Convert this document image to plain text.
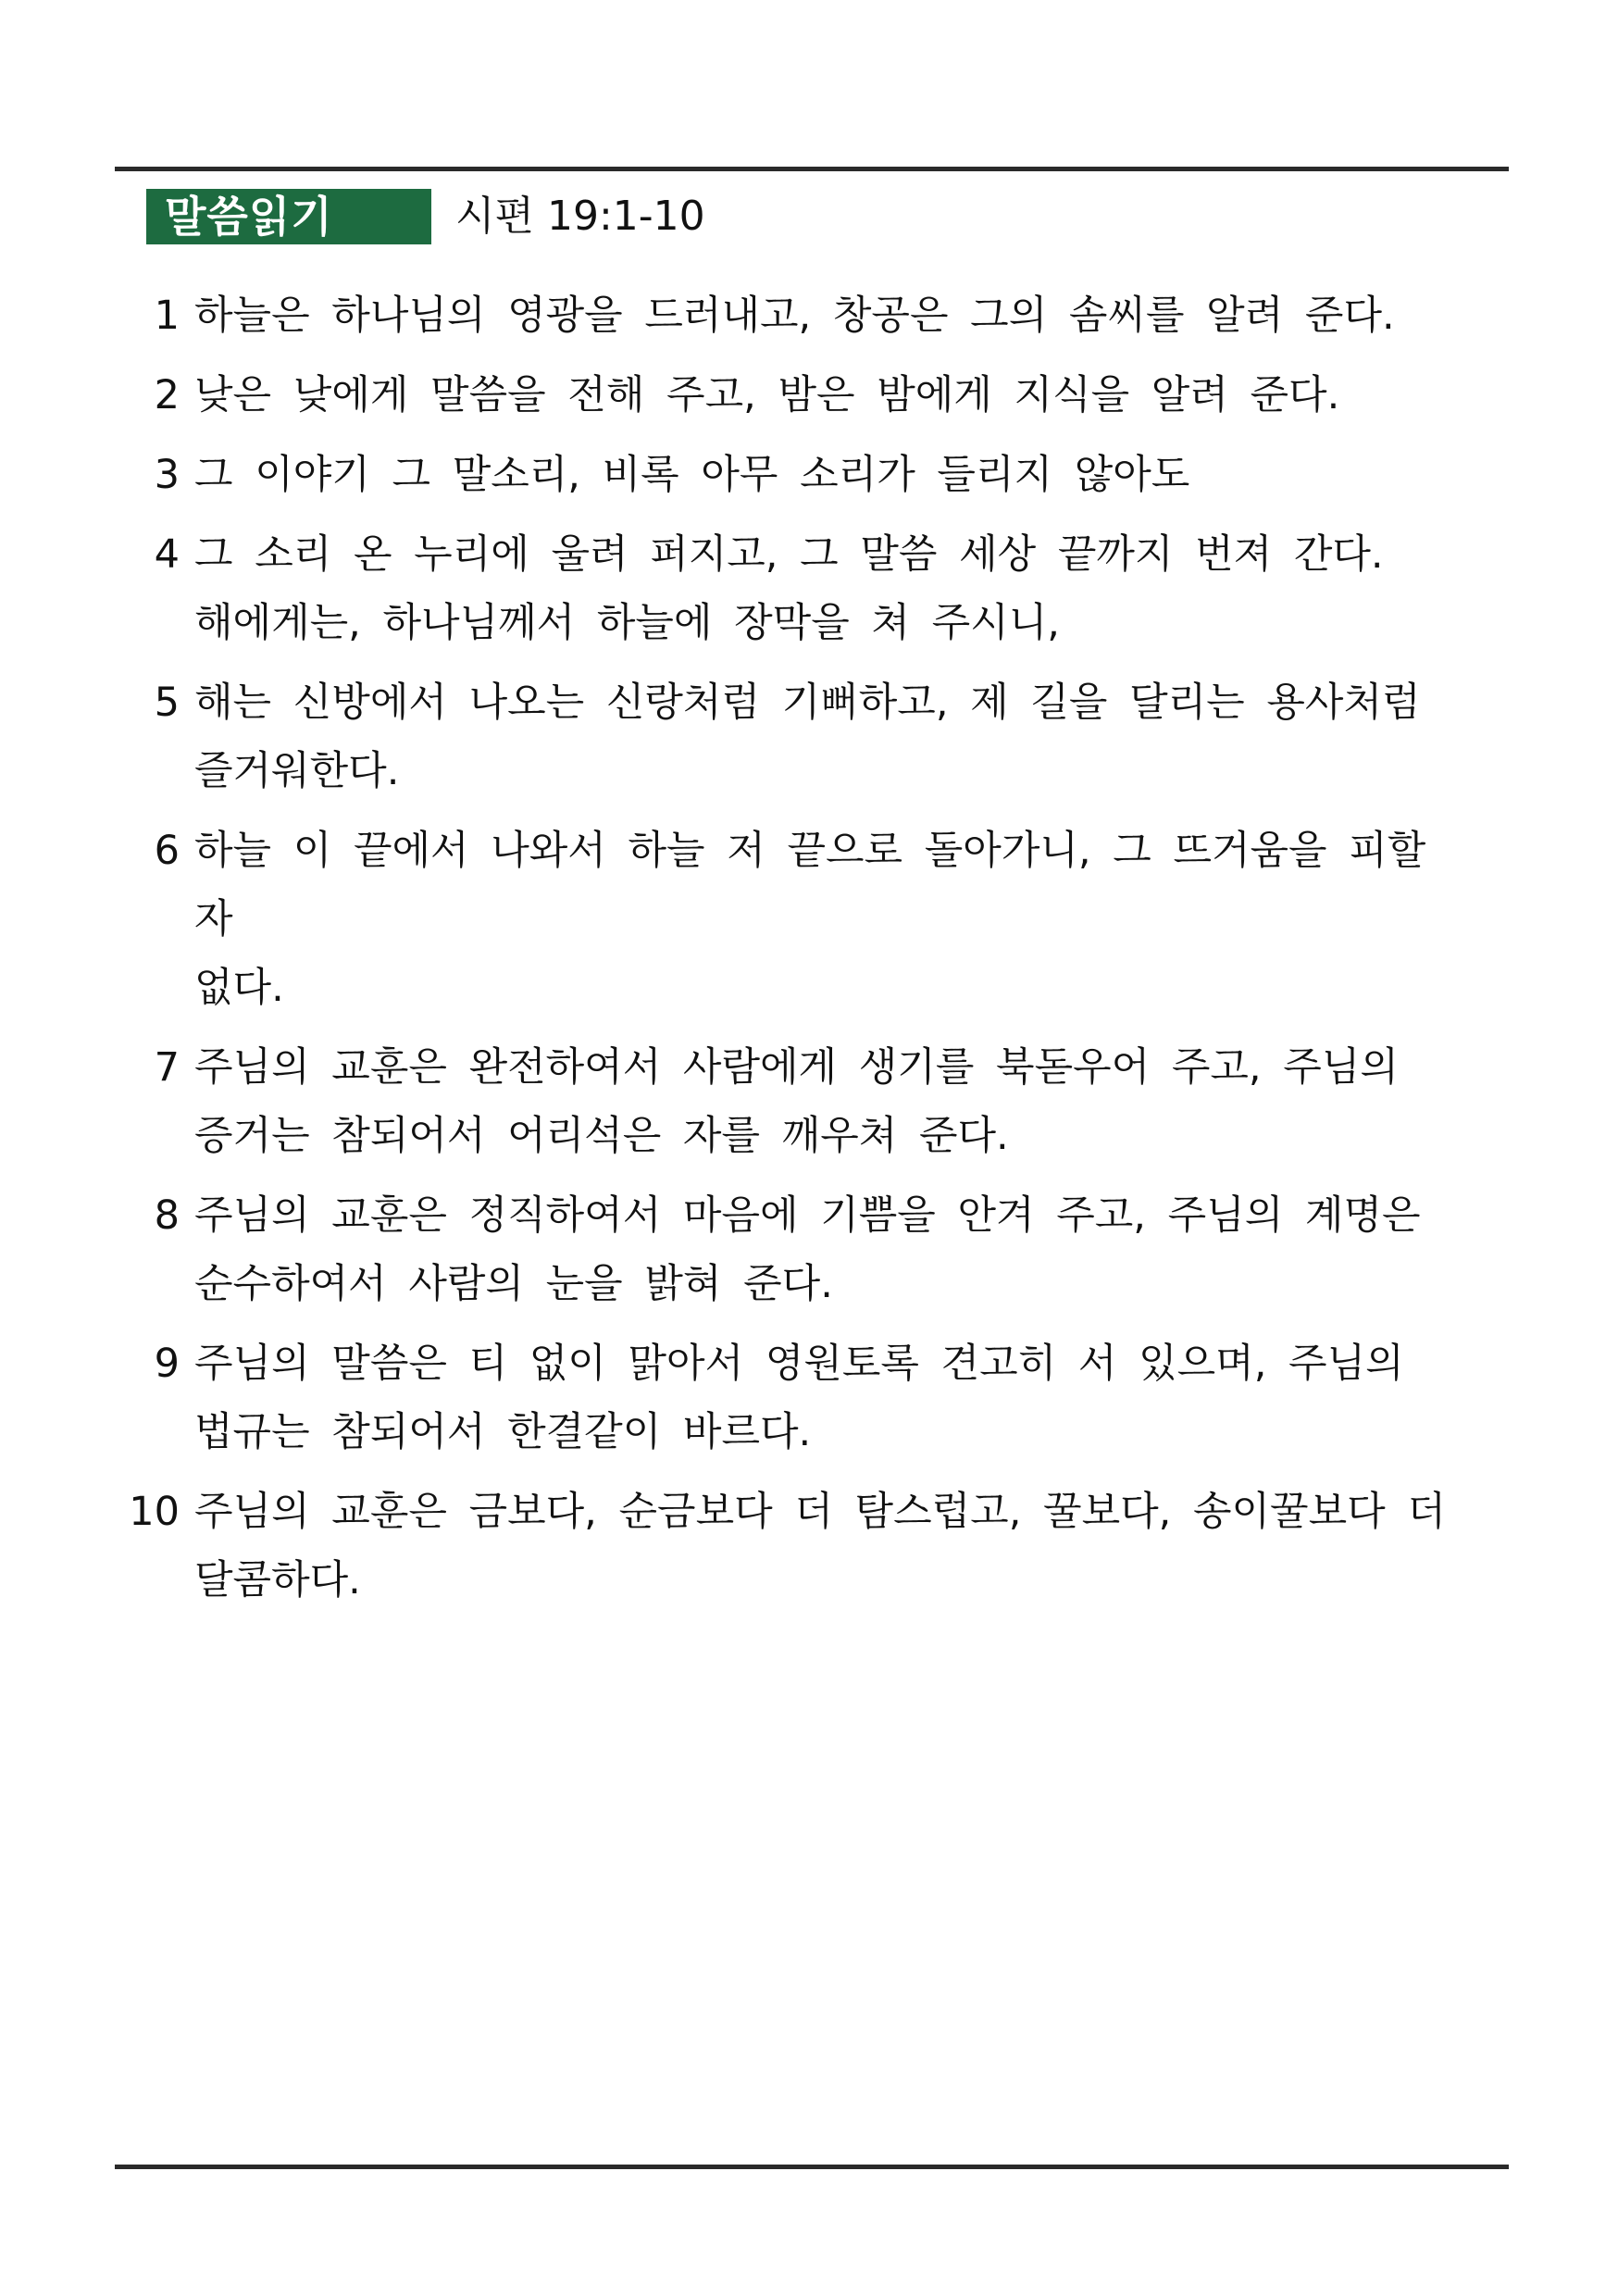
말씀읽기	시편 19:1-10
1 하늘은 하나님의 영광을 드러내고, 창공은 그의 솜씨를 알려 준다.
2 낮은 낮에게 말씀을 전해 주고, 밤은 밤에게 지식을 알려 준다.
3 그 이야기 그 말소리, 비록 아무 소리가 들리지 않아도
4 그 소리 온 누리에 울려 퍼지고, 그 말씀 세상 끝까지 번져 간다.
해에게는, 하나님께서 하늘에 장막을 쳐 주시니,
5 해는 신방에서 나오는 신랑처럼 기뻐하고, 제 길을 달리는 용사처럼
즐거워한다.
6 하늘 이 끝에서 나와서 하늘 저 끝으로 돌아가니, 그 뜨거움을 피할 자
없다.
7 주님의 교훈은 완전하여서 사람에게 생기를 북돋우어 주고, 주님의
증거는 참되어서 어리석은 자를 깨우쳐 준다.
8 주님의 교훈은 정직하여서 마음에 기쁨을 안겨 주고, 주님의 계명은
순수하여서 사람의 눈을 밝혀 준다.
9 주님의 말씀은 티 없이 맑아서 영원토록 견고히 서 있으며, 주님의
법규는 참되어서 한결같이 바르다.
10 주님의 교훈은 금보다, 순금보다 더 탐스럽고, 꿀보다, 송이꿀보다 더
달콤하다.
